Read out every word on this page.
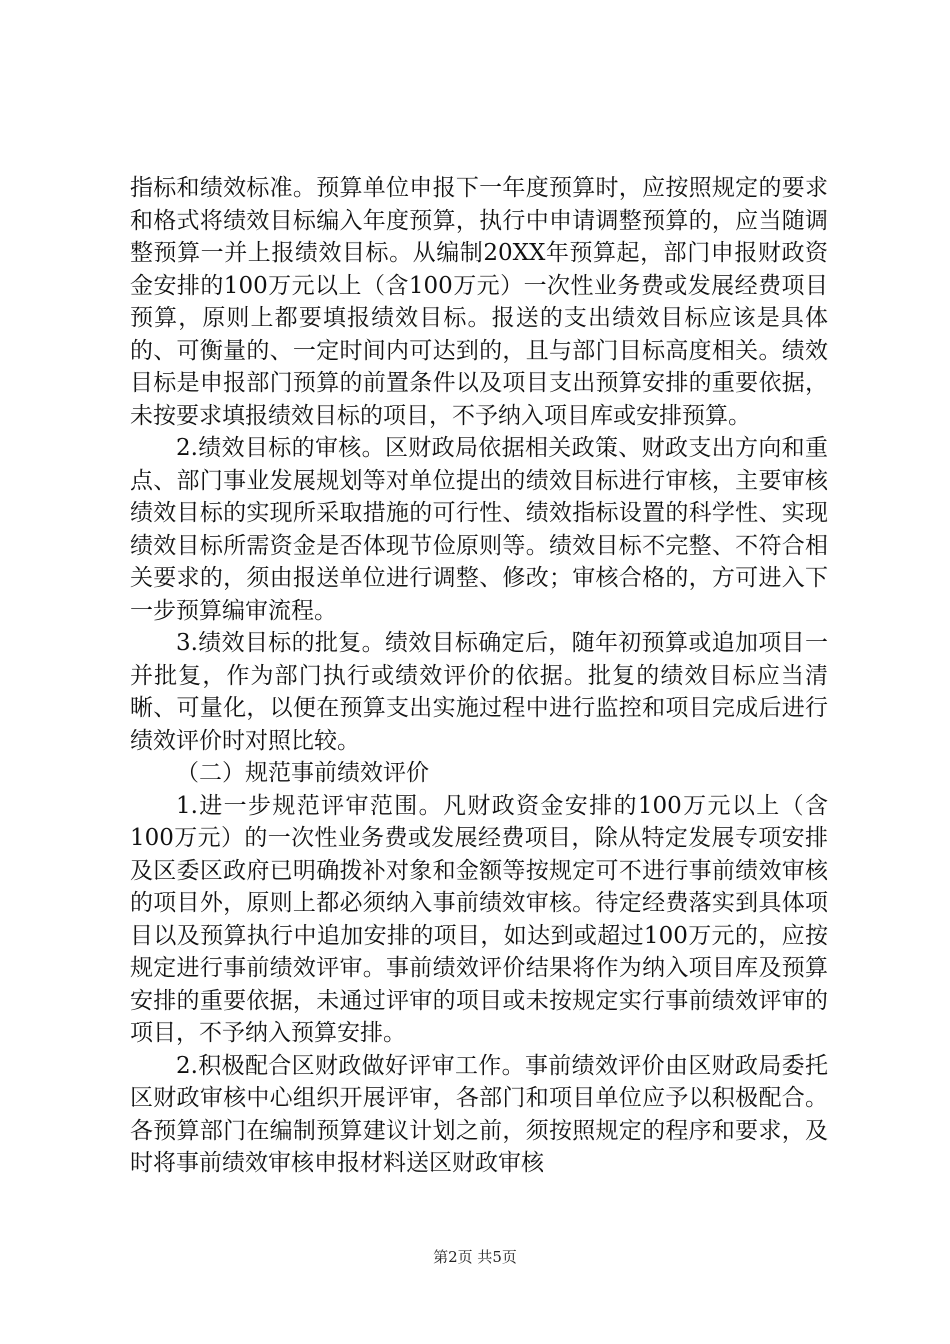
指标和绩效标准。预算单位申报下一年度预算时，应按照规定的要求和格式将绩效目标编入年度预算，执行中申请调整预算的，应当随调整预算一并上报绩效目标。从编制20XX年预算起，部门申报财政资金安排的100万元以上（含100万元）一次性业务费或发展经费项目预算，原则上都要填报绩效目标。报送的支出绩效目标应该是具体的、可衡量的、一定时间内可达到的，且与部门目标高度相关。绩效目标是申报部门预算的前置条件以及项目支出预算安排的重要依据，未按要求填报绩效目标的项目，不予纳入项目库或安排预算。

2.绩效目标的审核。区财政局依据相关政策、财政支出方向和重点、部门事业发展规划等对单位提出的绩效目标进行审核，主要审核绩效目标的实现所采取措施的可行性、绩效指标设置的科学性、实现绩效目标所需资金是否体现节俭原则等。绩效目标不完整、不符合相关要求的，须由报送单位进行调整、修改；审核合格的，方可进入下一步预算编审流程。

3.绩效目标的批复。绩效目标确定后，随年初预算或追加项目一并批复，作为部门执行或绩效评价的依据。批复的绩效目标应当清晰、可量化，以便在预算支出实施过程中进行监控和项目完成后进行绩效评价时对照比较。

（二）规范事前绩效评价

1.进一步规范评审范围。凡财政资金安排的100万元以上（含100万元）的一次性业务费或发展经费项目，除从特定发展专项安排及区委区政府已明确拨补对象和金额等按规定可不进行事前绩效审核的项目外，原则上都必须纳入事前绩效审核。待定经费落实到具体项目以及预算执行中追加安排的项目，如达到或超过100万元的，应按规定进行事前绩效评审。事前绩效评价结果将作为纳入项目库及预算安排的重要依据，未通过评审的项目或未按规定实行事前绩效评审的项目，不予纳入预算安排。

2.积极配合区财政做好评审工作。事前绩效评价由区财政局委托区财政审核中心组织开展评审，各部门和项目单位应予以积极配合。各预算部门在编制预算建议计划之前，须按照规定的程序和要求，及时将事前绩效审核申报材料送区财政审核

第2页 共5页
